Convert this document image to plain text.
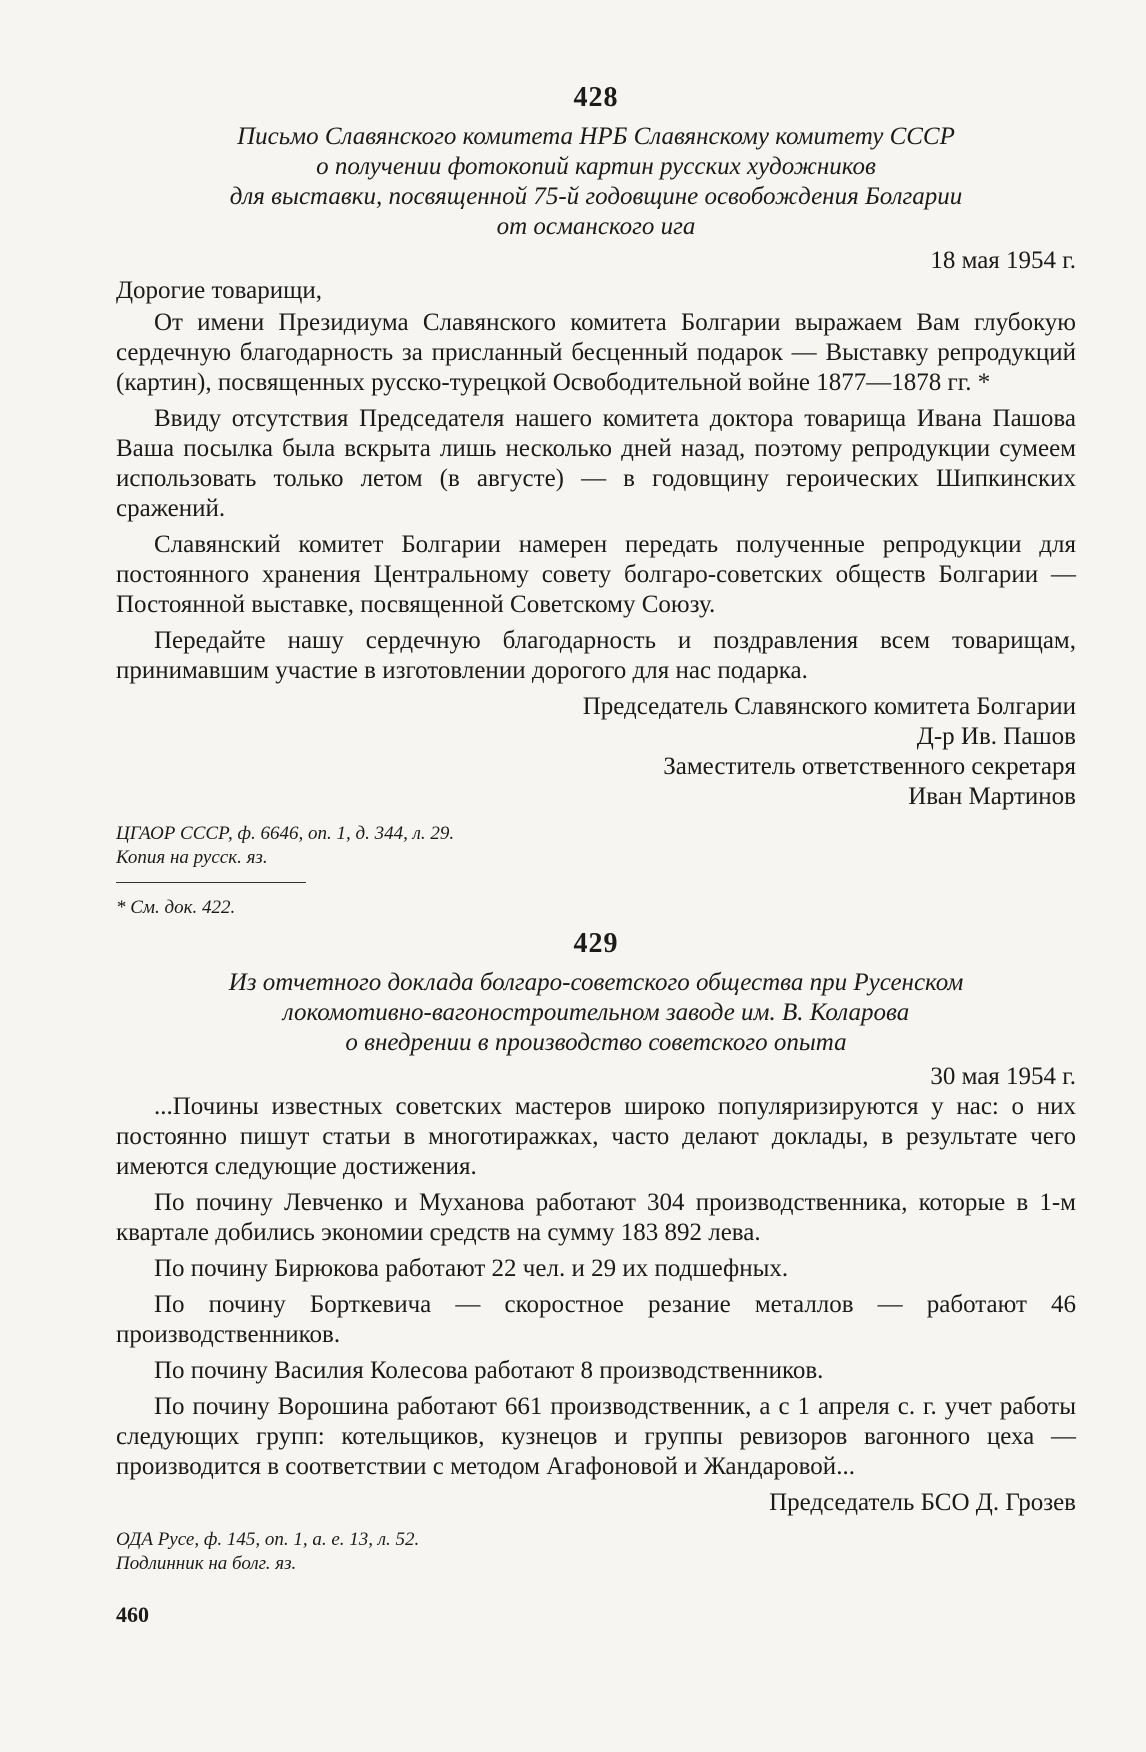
428
Письмо Славянского комитета НРБ Славянскому комитету СССР
о получении фотокопий картин русских художников
для выставки, посвященной 75-й годовщине освобождения Болгарии
от османского ига
18 мая 1954 г.
Дорогие товарищи,

От имени Президиума Славянского комитета Болгарии выражаем Вам глубокую сердечную благодарность за присланный бесценный подарок — Выставку репродукций (картин), посвященных русско-турецкой Освободительной войне 1877—1878 гг. *

Ввиду отсутствия Председателя нашего комитета доктора товарища Ивана Пашова Ваша посылка была вскрыта лишь несколько дней назад, поэтому репродукции сумеем использовать только летом (в августе) — в годовщину героических Шипкинских сражений.

Славянский комитет Болгарии намерен передать полученные репродукции для постоянного хранения Центральному совету болгаро-советских обществ Болгарии — Постоянной выставке, посвященной Советскому Союзу.

Передайте нашу сердечную благодарность и поздравления всем товарищам, принимавшим участие в изготовлении дорогого для нас подарка.

Председатель Славянского комитета Болгарии
Д-р Ив. Пашов
Заместитель ответственного секретаря
Иван Мартинов
ЦГАОР СССР, ф. 6646, оп. 1, д. 344, л. 29.
Копия на русск. яз.
* См. док. 422.
429
Из отчетного доклада болгаро-советского общества при Русенском
локомотивно-вагоностроительном заводе им. В. Коларова
о внедрении в производство советского опыта
30 мая 1954 г.

...Почины известных советских мастеров широко популяризируются у нас: о них постоянно пишут статьи в многотиражках, часто делают доклады, в результате чего имеются следующие достижения.

По почину Левченко и Муханова работают 304 производственника, которые в 1-м квартале добились экономии средств на сумму 183 892 лева.

По почину Бирюкова работают 22 чел. и 29 их подшефных.

По почину Борткевича — скоростное резание металлов — работают 46 производственников.

По почину Василия Колесова работают 8 производственников.

По почину Ворошина работают 661 производственник, а с 1 апреля с. г. учет работы следующих групп: котельщиков, кузнецов и группы ревизоров вагонного цеха — производится в соответствии с методом Агафоновой и Жандаровой...

Председатель БСО Д. Грозев
ОДА Русе, ф. 145, оп. 1, а. е. 13, л. 52.
Подлинник на болг. яз.
460
